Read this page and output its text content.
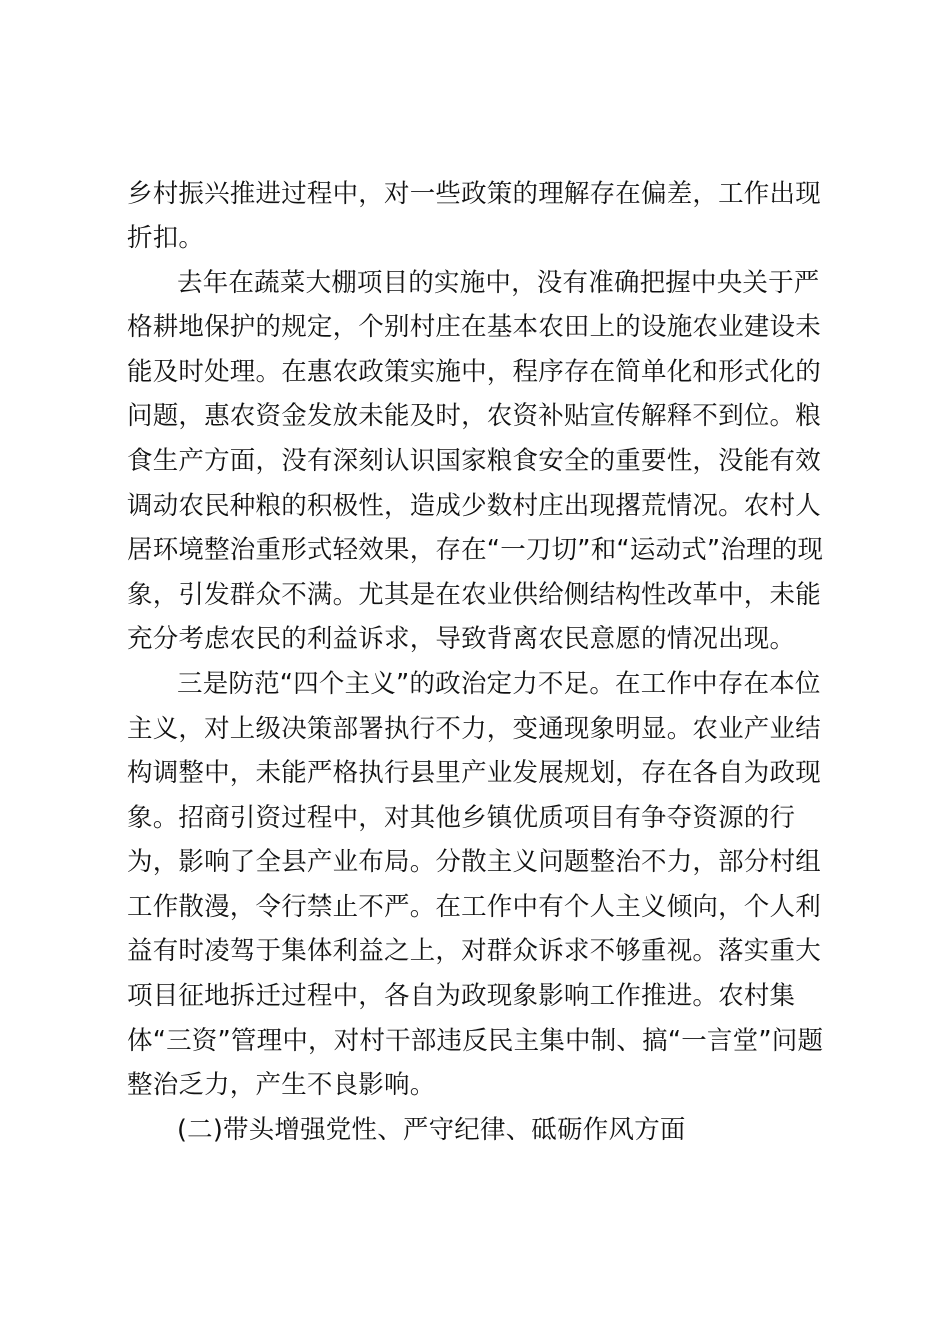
乡村振兴推进过程中，对一些政策的理解存在偏差，工作出现
折扣。
去年在蔬菜大棚项目的实施中，没有准确把握中央关于严
格耕地保护的规定，个别村庄在基本农田上的设施农业建设未
能及时处理。在惠农政策实施中，程序存在简单化和形式化的
问题，惠农资金发放未能及时，农资补贴宣传解释不到位。粮
食生产方面，没有深刻认识国家粮食安全的重要性，没能有效
调动农民种粮的积极性，造成少数村庄出现撂荒情况。农村人
居环境整治重形式轻效果，存在“一刀切”和“运动式”治理的现
象，引发群众不满。尤其是在农业供给侧结构性改革中，未能
充分考虑农民的利益诉求，导致背离农民意愿的情况出现。
三是防范“四个主义”的政治定力不足。在工作中存在本位
主义，对上级决策部署执行不力，变通现象明显。农业产业结
构调整中，未能严格执行县里产业发展规划，存在各自为政现
象。招商引资过程中，对其他乡镇优质项目有争夺资源的行
为，影响了全县产业布局。分散主义问题整治不力，部分村组
工作散漫，令行禁止不严。在工作中有个人主义倾向，个人利
益有时凌驾于集体利益之上，对群众诉求不够重视。落实重大
项目征地拆迁过程中，各自为政现象影响工作推进。农村集
体“三资”管理中，对村干部违反民主集中制、搞“一言堂”问题
整治乏力，产生不良影响。
(二)带头增强党性、严守纪律、砥砺作风方面
